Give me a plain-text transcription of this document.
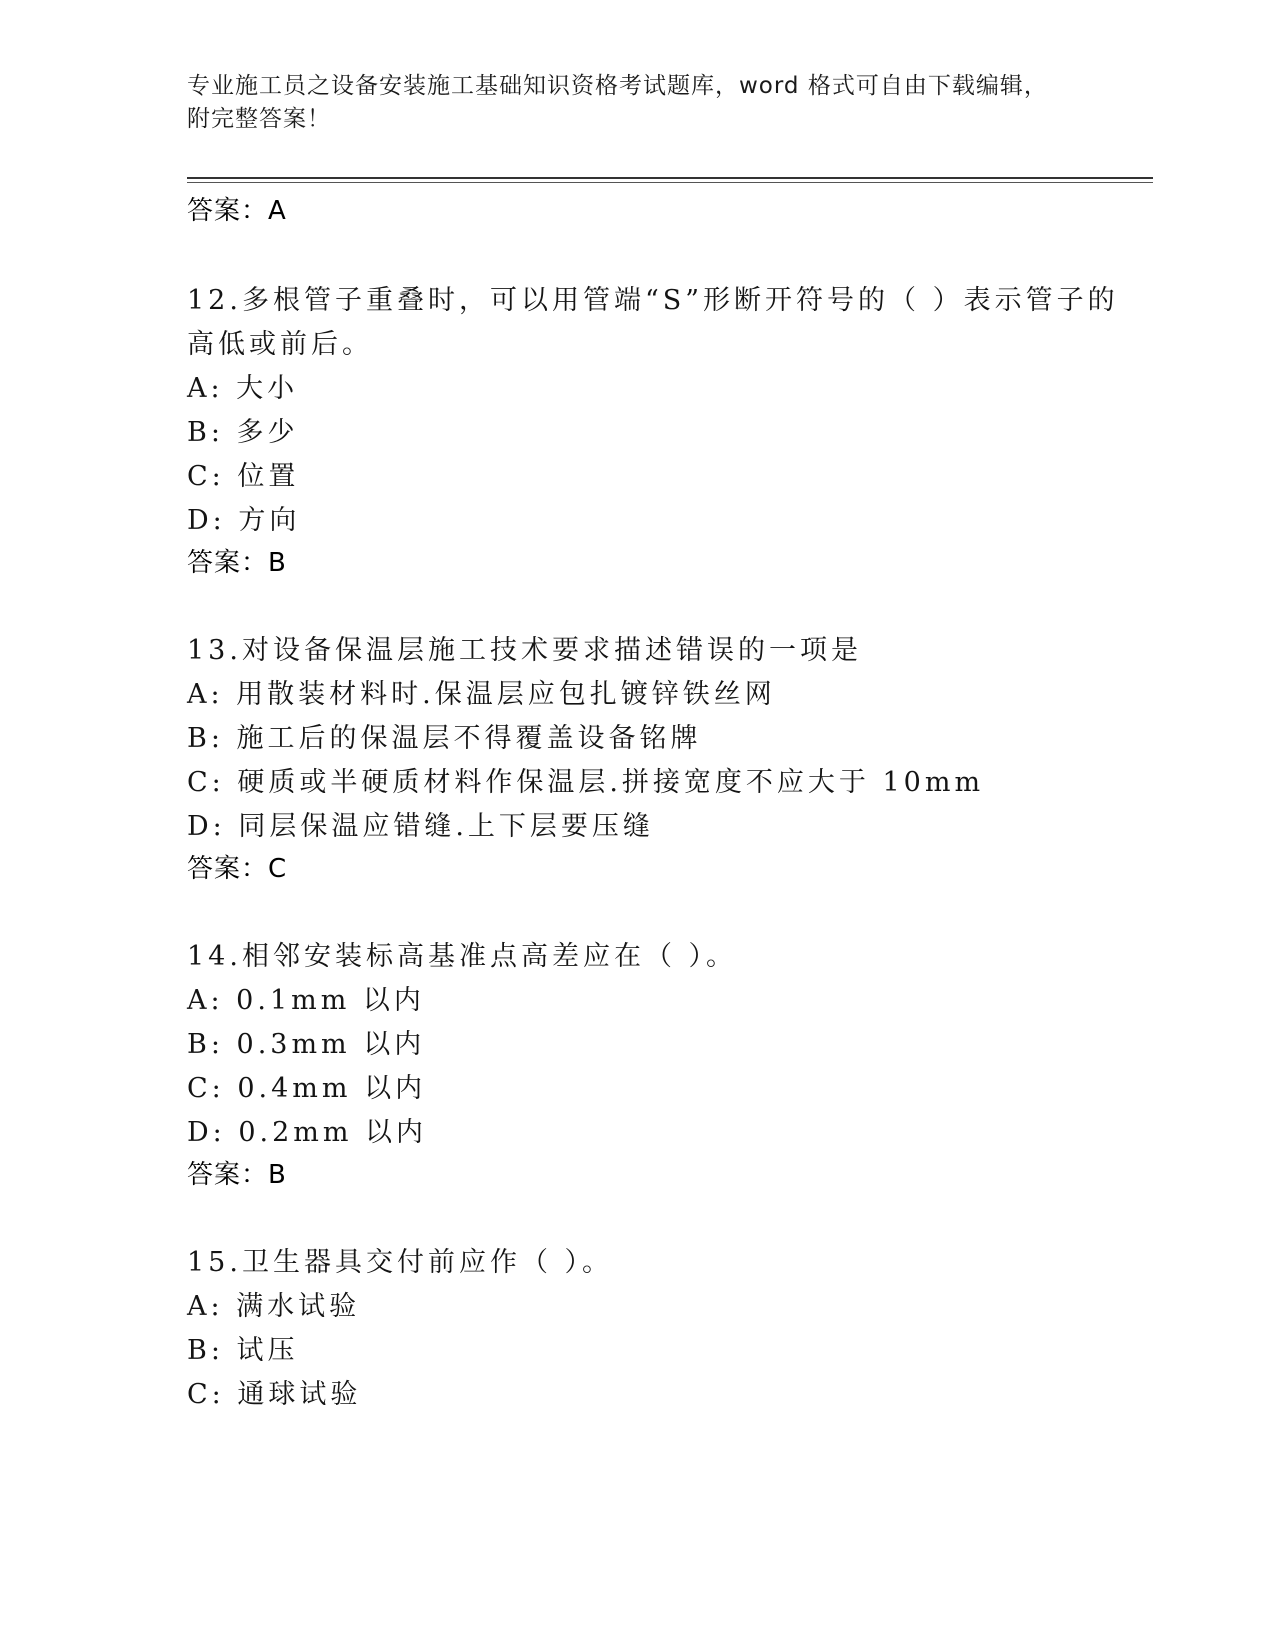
专业施工员之设备安装施工基础知识资格考试题库，word 格式可自由下载编辑，
附完整答案！
答案：A
12.多根管子重叠时，可以用管端“S”形断开符号的（ ）表示管子的
高低或前后。
A: 大小
B: 多少
C: 位置
D: 方向
答案：B
13.对设备保温层施工技术要求描述错误的一项是
A: 用散装材料时.保温层应包扎镀锌铁丝网
B: 施工后的保温层不得覆盖设备铭牌
C: 硬质或半硬质材料作保温层.拼接宽度不应大于 10mm
D: 同层保温应错缝.上下层要压缝
答案：C
14.相邻安装标高基准点高差应在（ ）。
A: 0.1mm 以内
B: 0.3mm 以内
C: 0.4mm 以内
D: 0.2mm 以内
答案：B
15.卫生器具交付前应作（ ）。
A: 满水试验
B: 试压
C: 通球试验
